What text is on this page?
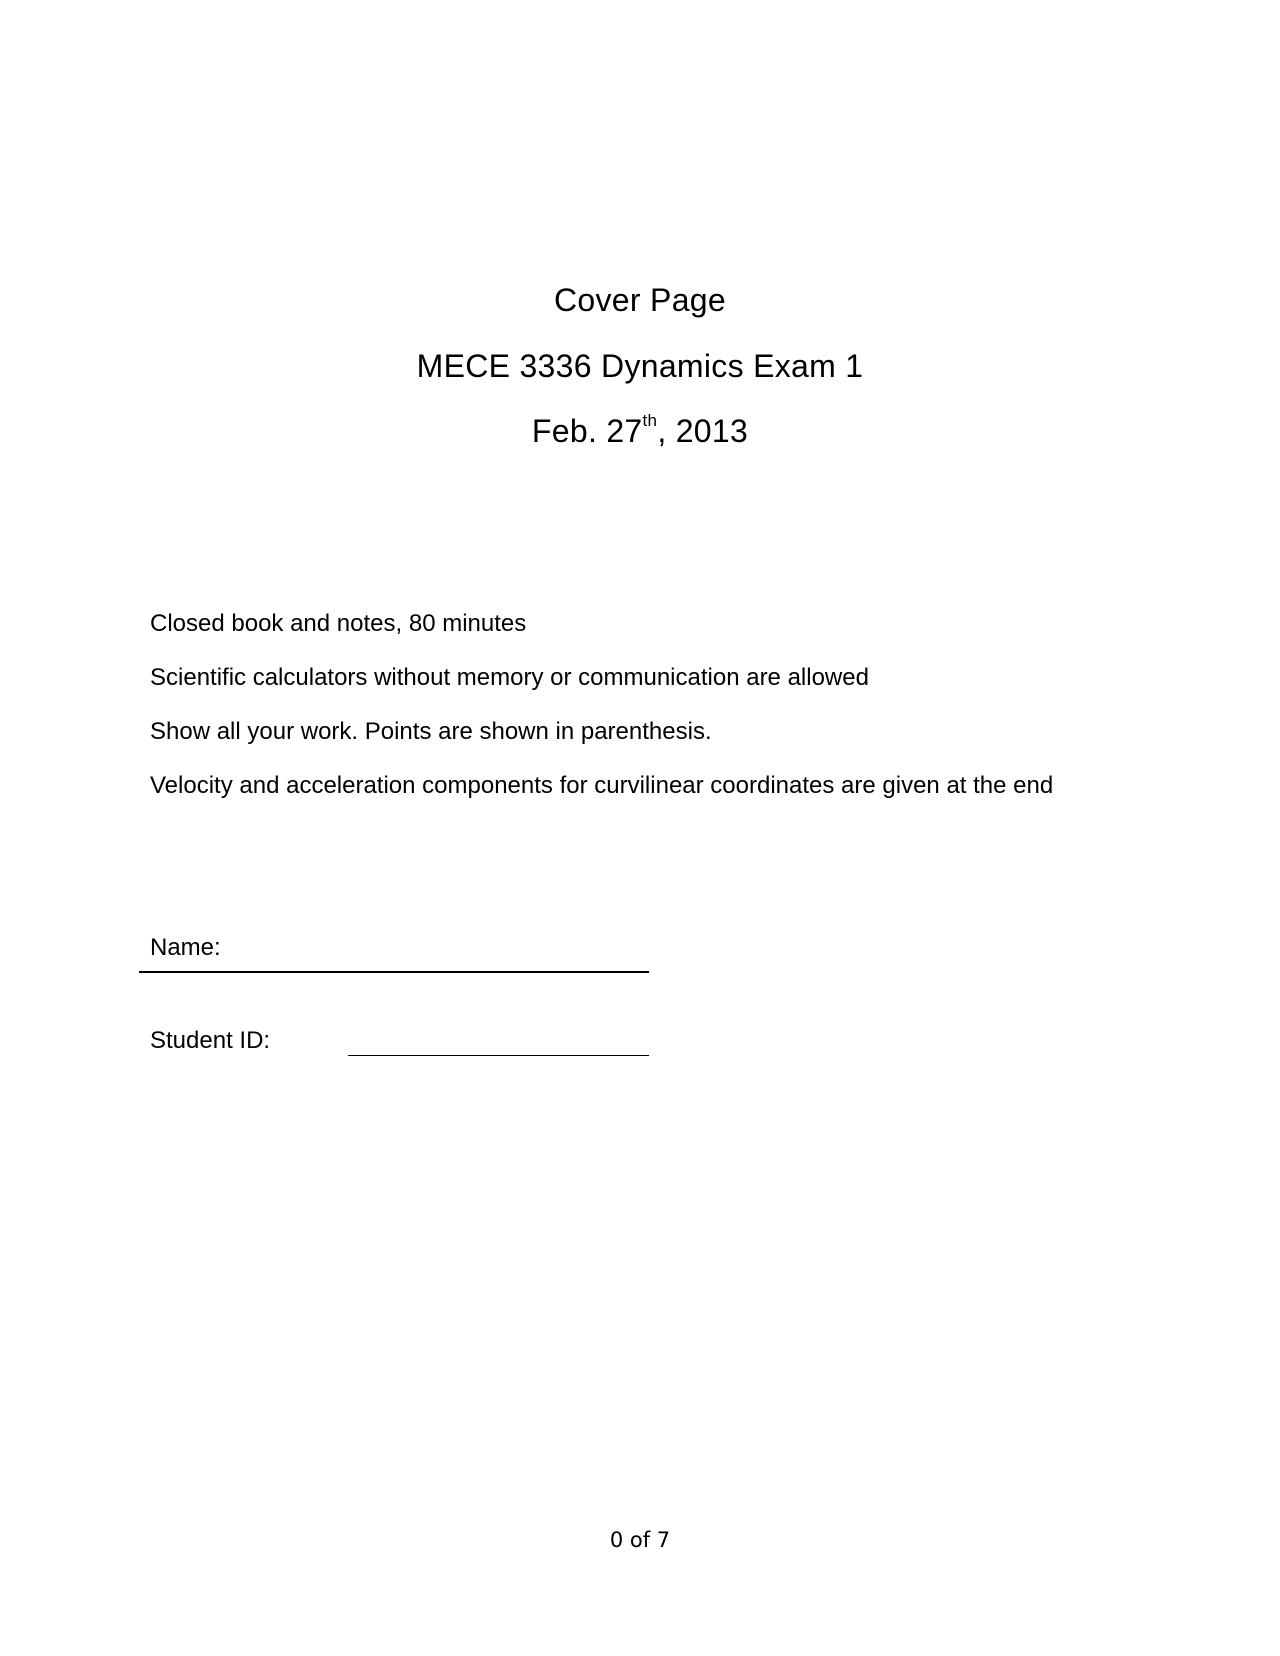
Cover Page
MECE 3336 Dynamics Exam 1
Feb. 27th, 2013
Closed book and notes, 80 minutes
Scientific calculators without memory or communication are allowed
Show all your work. Points are shown in parenthesis.
Velocity and acceleration components for curvilinear coordinates are given at the end
Name:
Student ID:
0 of 7
